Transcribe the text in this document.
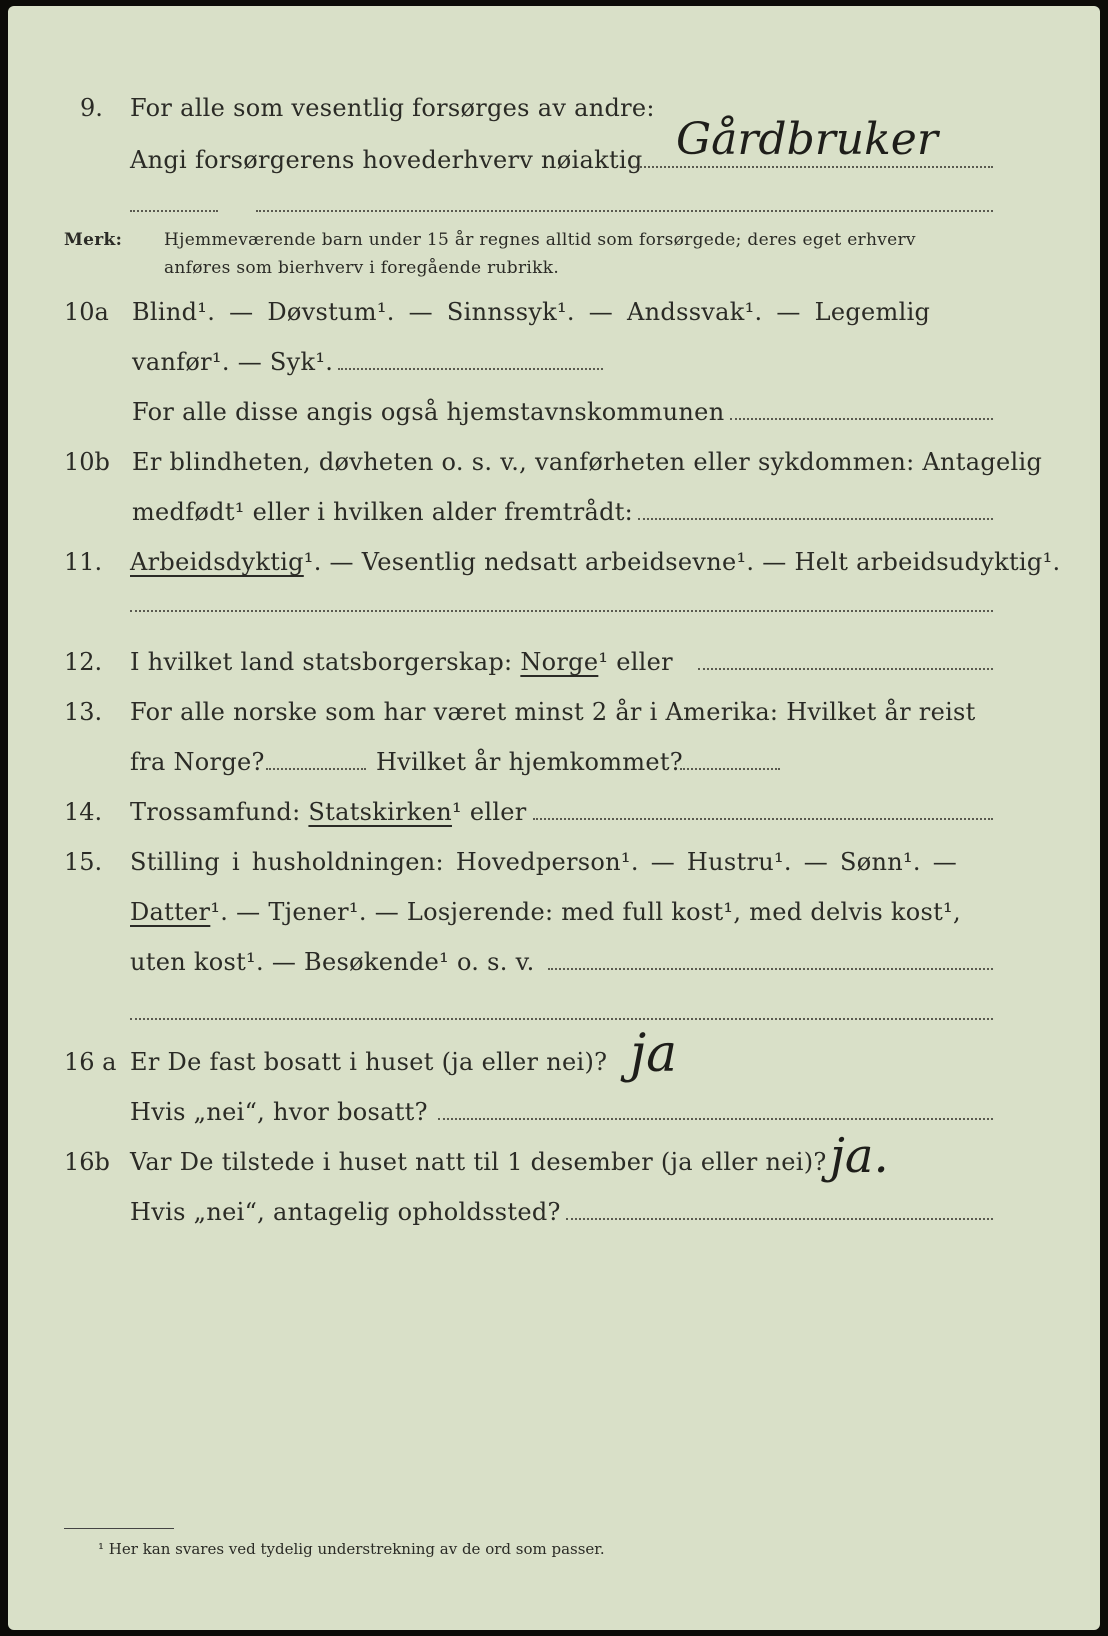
9. For alle som vesentlig forsørges av andre:
Angi forsørgerens hovederhverv nøiaktig Gårdbruker
Merk: Hjemmeværende barn under 15 år regnes alltid som forsørgede; deres eget erhverv
anføres som bierhverv i foregående rubrikk.
10a Blind¹. — Døvstum¹. — Sinnssyk¹. — Andssvak¹. — Legemlig
vanfør¹. — Syk¹.
For alle disse angis også hjemstavnskommunen
10b Er blindheten, døvheten o. s. v., vanførheten eller sykdommen: Antagelig
medfødt¹ eller i hvilken alder fremtrådt:
11. Arbeidsdyktig¹. — Vesentlig nedsatt arbeidsevne¹. — Helt arbeidsudyktig¹.
12. I hvilket land statsborgerskap: Norge¹ eller
13. For alle norske som har været minst 2 år i Amerika: Hvilket år reist
fra Norge?	Hvilket år hjemkommet?
14. Trossamfund: Statskirken¹ eller
15. Stilling i husholdningen: Hovedperson¹. — Hustru¹. — Sønn¹. —
Datter¹. — Tjener¹. — Losjerende: med full kost¹, med delvis kost¹,
uten kost¹. — Besøkende¹ o. s. v.
16 a Er De fast bosatt i huset (ja eller nei)? ja
Hvis „nei“, hvor bosatt?
16b Var De tilstede i huset natt til 1 desember (ja eller nei)? ja.
Hvis „nei“, antagelig opholdssted?
¹ Her kan svares ved tydelig understrekning av de ord som passer.
